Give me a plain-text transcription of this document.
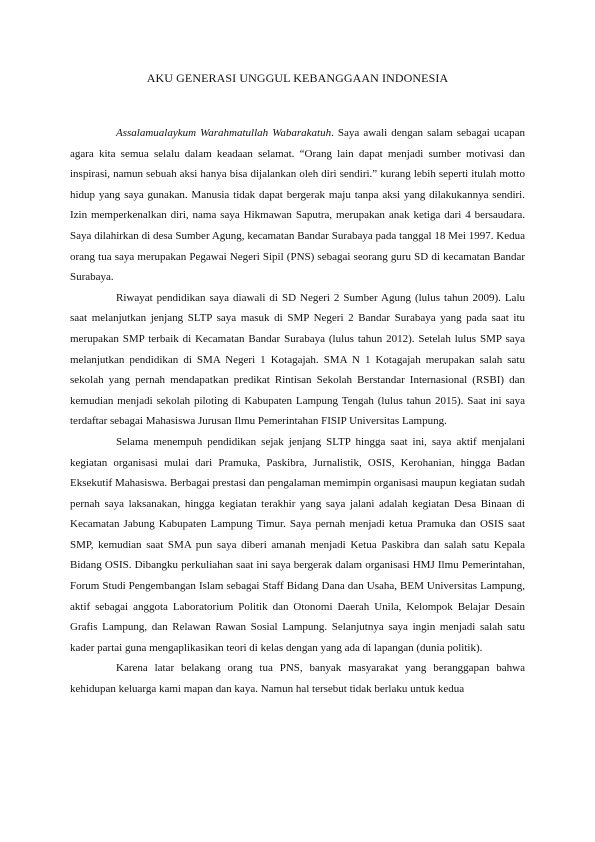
AKU GENERASI UNGGUL KEBANGGAAN INDONESIA

Assalamualaykum Warahmatullah Wabarakatuh. Saya awali dengan salam sebagai ucapan agara kita semua selalu dalam keadaan selamat. “Orang lain dapat menjadi sumber motivasi dan inspirasi, namun sebuah aksi hanya bisa dijalankan oleh diri sendiri.” kurang lebih seperti itulah motto hidup yang saya gunakan. Manusia tidak dapat bergerak maju tanpa aksi yang dilakukannya sendiri. Izin memperkenalkan diri, nama saya Hikmawan Saputra, merupakan anak ketiga dari 4 bersaudara. Saya dilahirkan di desa Sumber Agung, kecamatan Bandar Surabaya pada tanggal 18 Mei 1997. Kedua orang tua saya merupakan Pegawai Negeri Sipil (PNS) sebagai seorang guru SD di kecamatan Bandar Surabaya.

Riwayat pendidikan saya diawali di SD Negeri 2 Sumber Agung (lulus tahun 2009). Lalu saat melanjutkan jenjang SLTP saya masuk di SMP Negeri 2 Bandar Surabaya yang pada saat itu merupakan SMP terbaik di Kecamatan Bandar Surabaya (lulus tahun 2012). Setelah lulus SMP saya melanjutkan pendidikan di SMA Negeri 1 Kotagajah. SMA N 1 Kotagajah merupakan salah satu sekolah yang pernah mendapatkan predikat Rintisan Sekolah Berstandar Internasional (RSBI) dan kemudian menjadi sekolah piloting di Kabupaten Lampung Tengah (lulus tahun 2015). Saat ini saya terdaftar sebagai Mahasiswa Jurusan Ilmu Pemerintahan FISIP Universitas Lampung.

Selama menempuh pendidikan sejak jenjang SLTP hingga saat ini, saya aktif menjalani kegiatan organisasi mulai dari Pramuka, Paskibra, Jurnalistik, OSIS, Kerohanian, hingga Badan Eksekutif Mahasiswa. Berbagai prestasi dan pengalaman memimpin organisasi maupun kegiatan sudah pernah saya laksanakan, hingga kegiatan terakhir yang saya jalani adalah kegiatan Desa Binaan di Kecamatan Jabung Kabupaten Lampung Timur. Saya pernah menjadi ketua Pramuka dan OSIS saat SMP, kemudian saat SMA pun saya diberi amanah menjadi Ketua Paskibra dan salah satu Kepala Bidang OSIS. Dibangku perkuliahan saat ini saya bergerak dalam organisasi HMJ Ilmu Pemerintahan, Forum Studi Pengembangan Islam sebagai Staff Bidang Dana dan Usaha, BEM Universitas Lampung, aktif sebagai anggota Laboratorium Politik dan Otonomi Daerah Unila, Kelompok Belajar Desain Grafis Lampung, dan Relawan Rawan Sosial Lampung. Selanjutnya saya ingin menjadi salah satu kader partai guna mengaplikasikan teori di kelas dengan yang ada di lapangan (dunia politik).

Karena latar belakang orang tua PNS, banyak masyarakat yang beranggapan bahwa kehidupan keluarga kami mapan dan kaya. Namun hal tersebut tidak berlaku untuk kedua
